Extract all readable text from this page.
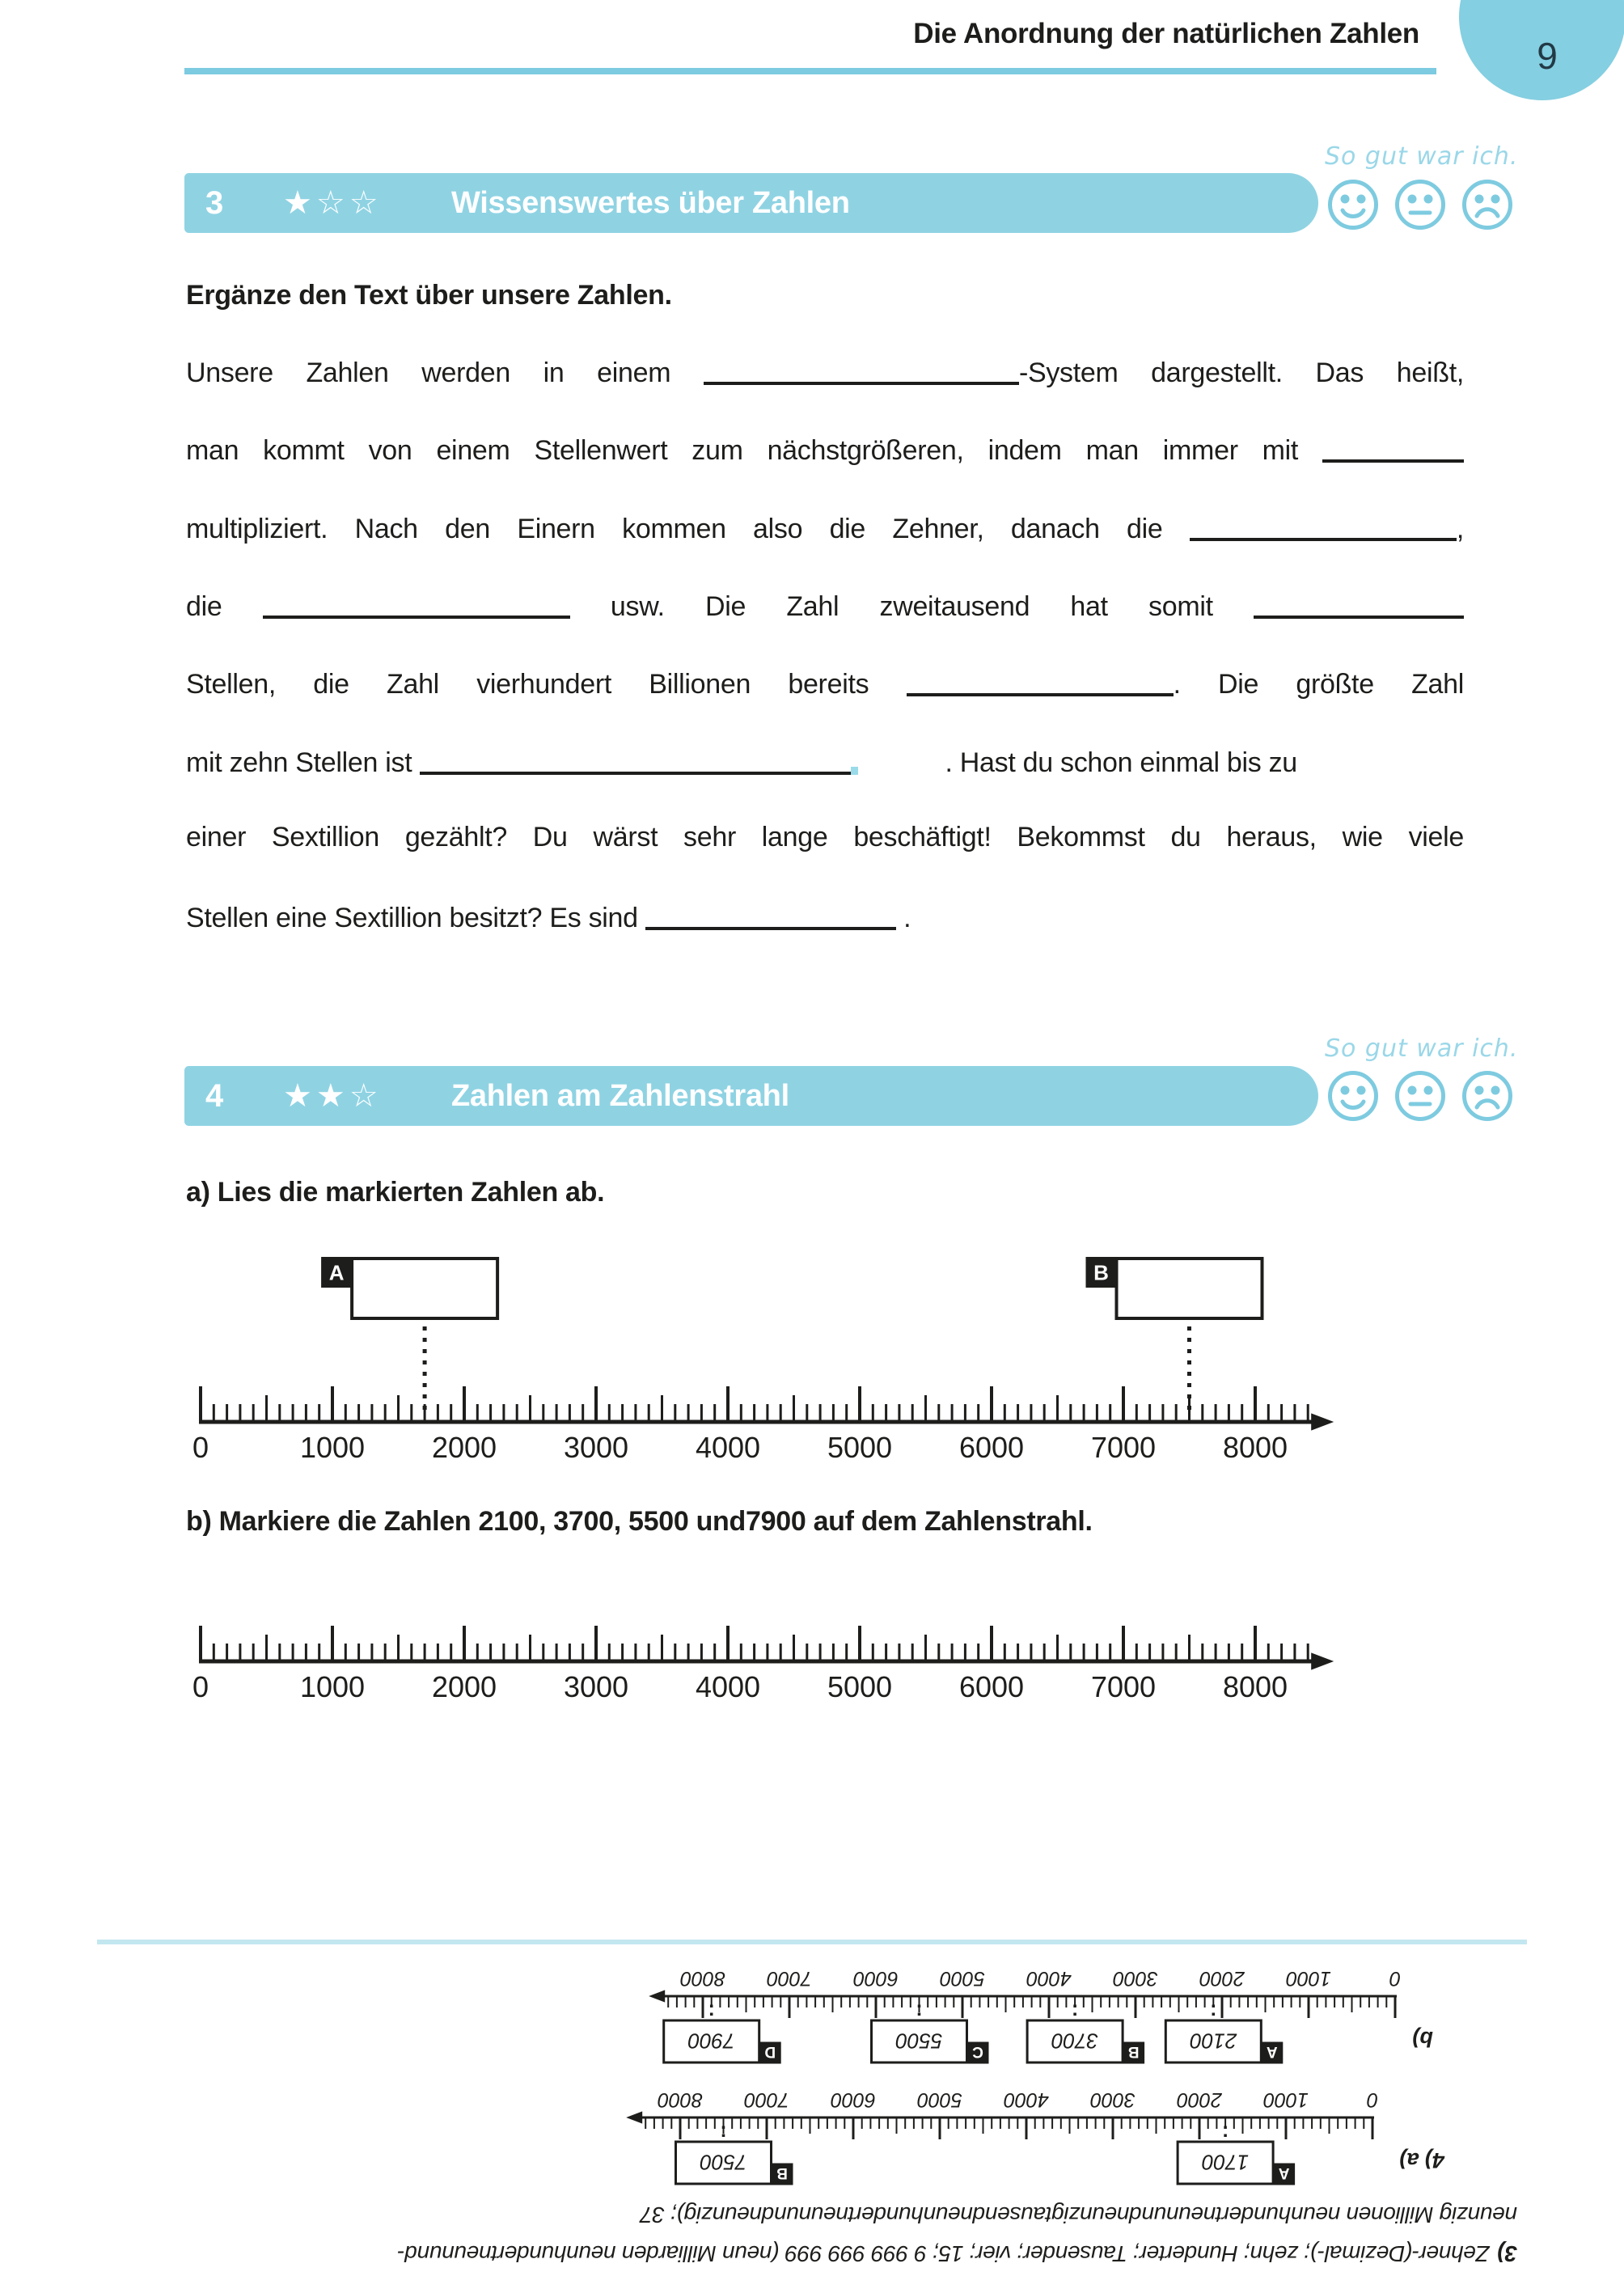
Die Anordnung der natürlichen Zahlen
9
3 ★☆☆ Wissenswertes über Zahlen
So gut war ich.
Ergänze den Text über unsere Zahlen.
Unsere Zahlen werden in einem	-System dargestellt. Das heißt,
man kommt von einem Stellenwert zum nächstgrößeren, indem man immer mit
multipliziert. Nach den Einern kommen also die Zehner, danach die	,
die	usw. Die Zahl zweitausend hat somit
Stellen, die Zahl vierhundert Billionen bereits	. Die größte Zahl
mit zehn Stellen ist	. Hast du schon einmal bis zu
einer Sextillion gezählt? Du wärst sehr lange beschäftigt! Bekommst du heraus, wie viele
Stellen eine Sextillion besitzt? Es sind	.
4 ★★☆ Zahlen am Zahlenstrahl
So gut war ich.
a) Lies die markierten Zahlen ab.
0	1000 2000 3000 4000 5000 6000 7000 8000
A	B
b) Markiere die Zahlen 2100, 3700, 5500 und7900 auf dem Zahlenstrahl.
0	1000 2000 3000 4000 5000 6000 7000 8000
3)Zehner-(Dezimal-); zehn; Hunderter; Tausender; vier; 15; 9 999 999 999 (neun Milliarden neunhundertneunund-
neunzig Millionen neunhundertneunundneunzigtausendneunhundertneunundneunzig); 37
4) a)
0
1000
2000
3000
4000
5000
6000
7000
8000
A
1700
B
7500
b)
0
1000
2000
3000
4000
5000
6000
7000
8000
A
2100
B
3700
C
5500
D
7900
